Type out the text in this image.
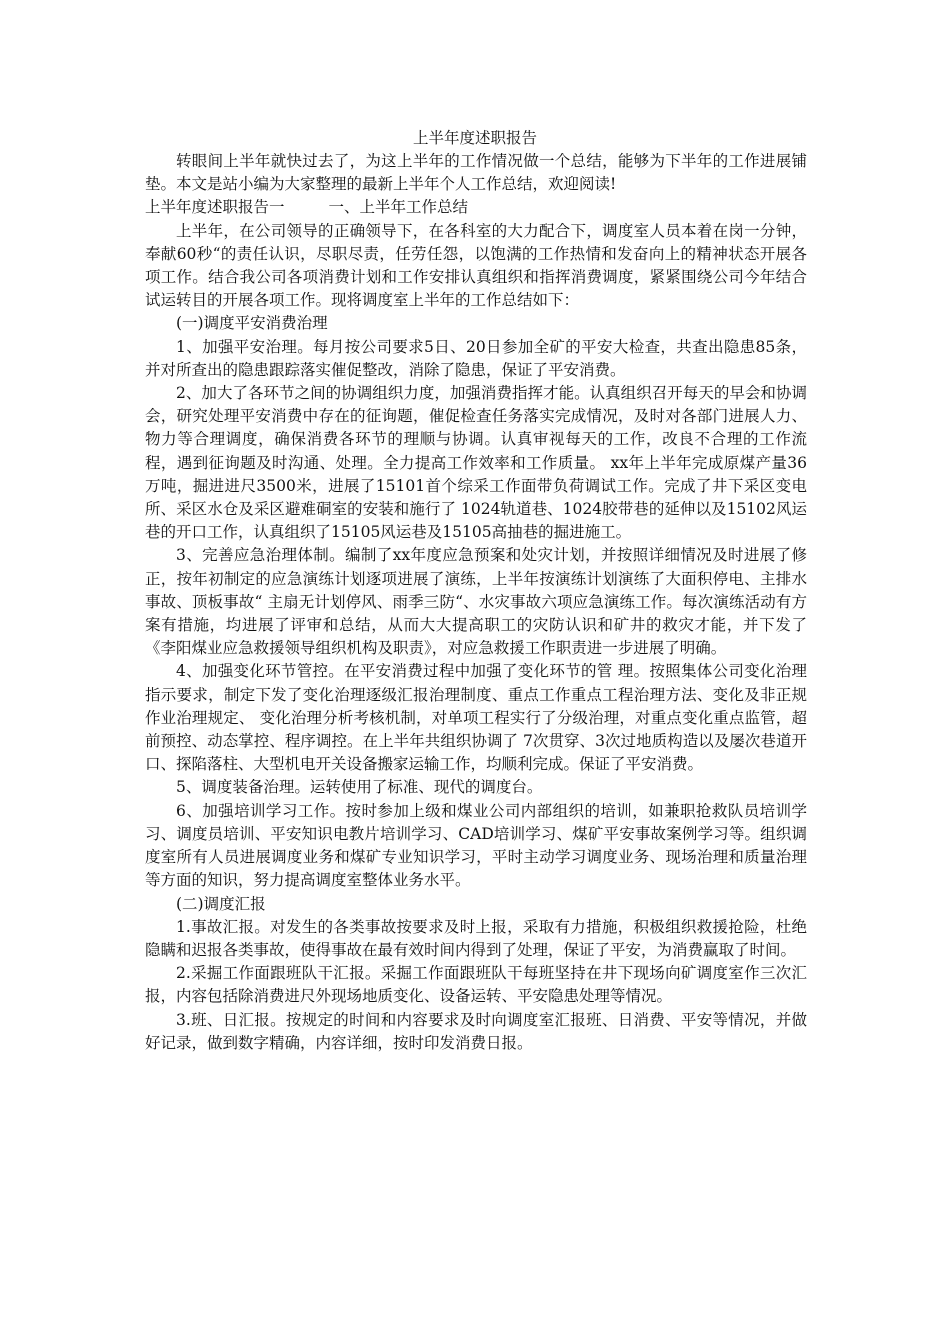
上半年度述职报告

转眼间上半年就快过去了，为这上半年的工作情况做一个总结，能够为下半年的工作进展铺垫。本文是站小编为大家整理的最新上半年个人工作总结，欢迎阅读!

上半年度述职报告一	一、上半年工作总结

上半年，在公司领导的正确领导下，在各科室的大力配合下，调度室人员本着在岗一分钟，奉献60秒“的责任认识，尽职尽责，任劳任怨，以饱满的工作热情和发奋向上的精神状态开展各项工作。结合我公司各项消费计划和工作安排认真组织和指挥消费调度，紧紧围绕公司今年结合试运转目的开展各项工作。现将调度室上半年的工作总结如下：

(一)调度平安消费治理

1、加强平安治理。每月按公司要求5日、20日参加全矿的平安大检查，共查出隐患85条，并对所查出的隐患跟踪落实催促整改，消除了隐患，保证了平安消费。

2、加大了各环节之间的协调组织力度，加强消费指挥才能。认真组织召开每天的早会和协调会，研究处理平安消费中存在的征询题，催促检查任务落实完成情况，及时对各部门进展人力、物力等合理调度，确保消费各环节的理顺与协调。认真审视每天的工作，改良不合理的工作流程，遇到征询题及时沟通、处理。全力提高工作效率和工作质量。 xx年上半年完成原煤产量36万吨，掘进进尺3500米，进展了15101首个综采工作面带负荷调试工作。完成了井下采区变电所、采区水仓及采区避难硐室的安装和施行了 1024轨道巷、1024胶带巷的延伸以及15102风运巷的开口工作，认真组织了15105风运巷及15105高抽巷的掘进施工。

3、完善应急治理体制。编制了xx年度应急预案和处灾计划，并按照详细情况及时进展了修正，按年初制定的应急演练计划逐项进展了演练，上半年按演练计划演练了大面积停电、主排水事故、顶板事故“ 主扇无计划停风、雨季三防“、水灾事故六项应急演练工作。每次演练活动有方案有措施，均进展了评审和总结，从而大大提高职工的灾防认识和矿井的救灾才能，并下发了《李阳煤业应急救援领导组织机构及职责》，对应急救援工作职责进一步进展了明确。

4、加强变化环节管控。在平安消费过程中加强了变化环节的管 理。按照集体公司变化治理指示要求，制定下发了变化治理逐级汇报治理制度、重点工作重点工程治理方法、变化及非正规作业治理规定、 变化治理分析考核机制，对单项工程实行了分级治理，对重点变化重点监管，超前预控、动态掌控、程序调控。在上半年共组织协调了 7次贯穿、3次过地质构造以及屡次巷道开口、探陷落柱、大型机电开关设备搬家运输工作，均顺利完成。保证了平安消费。

5、调度装备治理。运转使用了标准、现代的调度台。

6、加强培训学习工作。按时参加上级和煤业公司内部组织的培训，如兼职抢救队员培训学习、调度员培训、平安知识电教片培训学习、CAD培训学习、煤矿平安事故案例学习等。组织调度室所有人员进展调度业务和煤矿专业知识学习，平时主动学习调度业务、现场治理和质量治理等方面的知识，努力提高调度室整体业务水平。

(二)调度汇报

1.事故汇报。对发生的各类事故按要求及时上报，采取有力措施，积极组织救援抢险，杜绝隐瞒和迟报各类事故，使得事故在最有效时间内得到了处理，保证了平安，为消费赢取了时间。

2.采掘工作面跟班队干汇报。采掘工作面跟班队干每班坚持在井下现场向矿调度室作三次汇报，内容包括除消费进尺外现场地质变化、设备运转、平安隐患处理等情况。

3.班、日汇报。按规定的时间和内容要求及时向调度室汇报班、日消费、平安等情况，并做好记录，做到数字精确，内容详细，按时印发消费日报。
